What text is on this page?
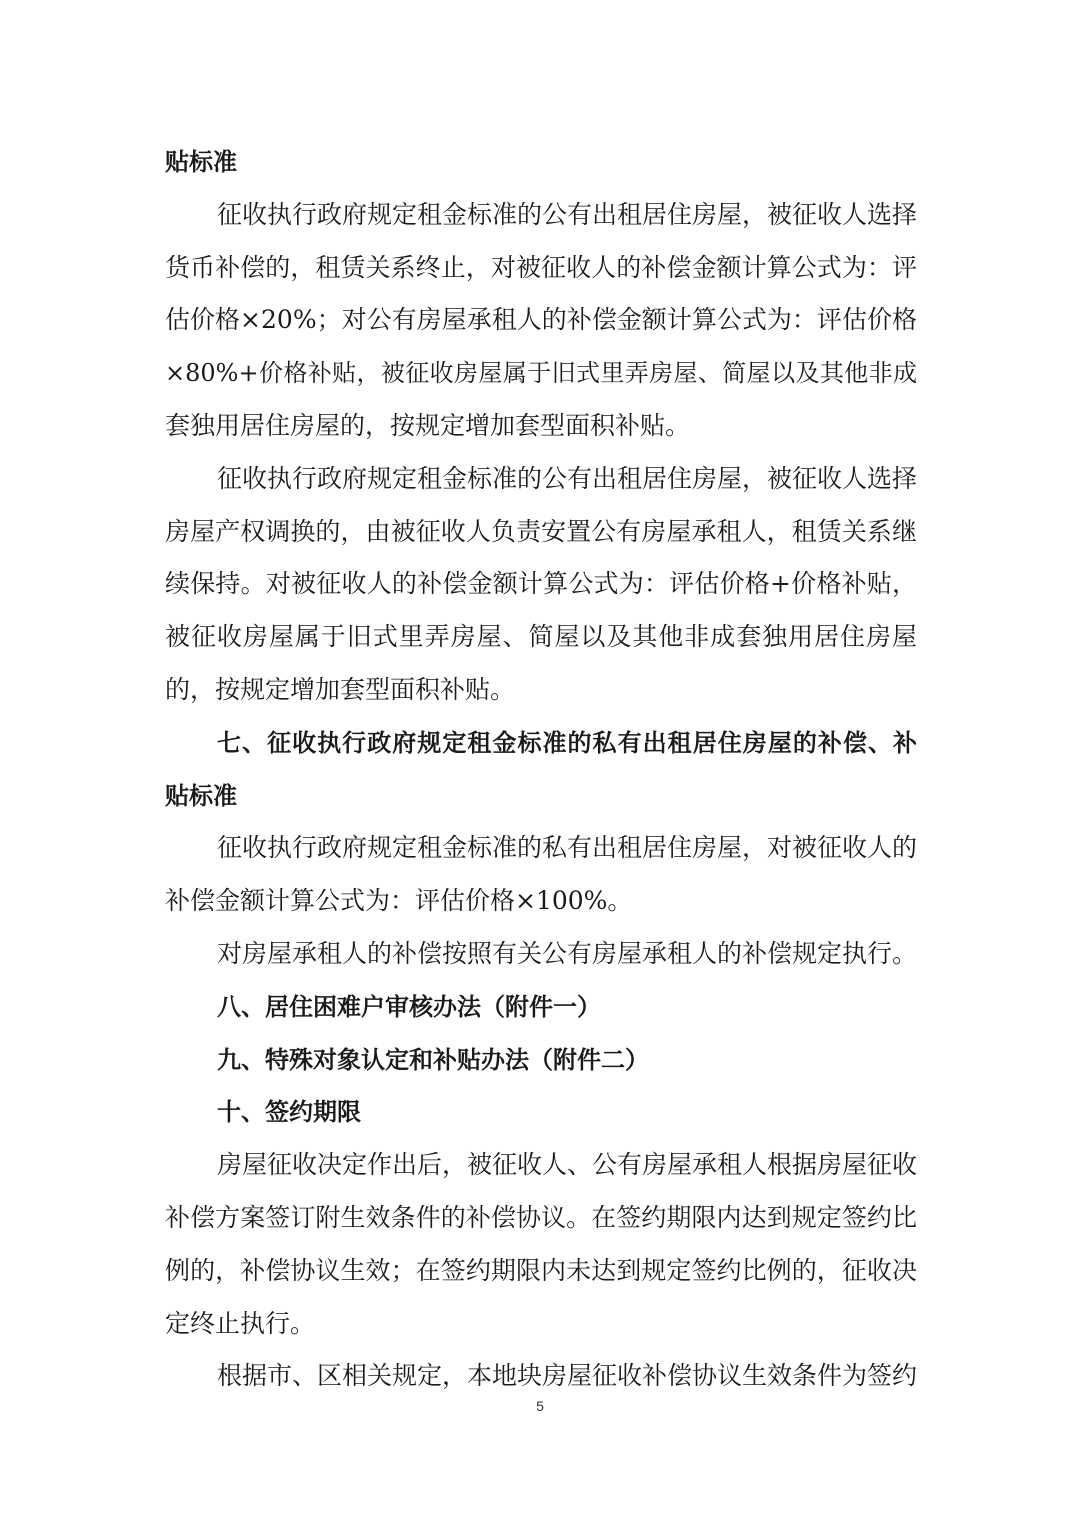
贴标准
征收执行政府规定租金标准的公有出租居住房屋，被征收人选择
货币补偿的，租赁关系终止，对被征收人的补偿金额计算公式为：评
估价格×20%；对公有房屋承租人的补偿金额计算公式为：评估价格
×80%+价格补贴，被征收房屋属于旧式里弄房屋、简屋以及其他非成
套独用居住房屋的，按规定增加套型面积补贴。
征收执行政府规定租金标准的公有出租居住房屋，被征收人选择
房屋产权调换的，由被征收人负责安置公有房屋承租人，租赁关系继
续保持。对被征收人的补偿金额计算公式为：评估价格+价格补贴，
被征收房屋属于旧式里弄房屋、简屋以及其他非成套独用居住房屋
的，按规定增加套型面积补贴。
七、征收执行政府规定租金标准的私有出租居住房屋的补偿、补
贴标准
征收执行政府规定租金标准的私有出租居住房屋，对被征收人的
补偿金额计算公式为：评估价格×100%。
对房屋承租人的补偿按照有关公有房屋承租人的补偿规定执行。
八、居住困难户审核办法（附件一）
九、特殊对象认定和补贴办法（附件二）
十、签约期限
房屋征收决定作出后，被征收人、公有房屋承租人根据房屋征收
补偿方案签订附生效条件的补偿协议。在签约期限内达到规定签约比
例的，补偿协议生效；在签约期限内未达到规定签约比例的，征收决
定终止执行。
根据市、区相关规定，本地块房屋征收补偿协议生效条件为签约
5
